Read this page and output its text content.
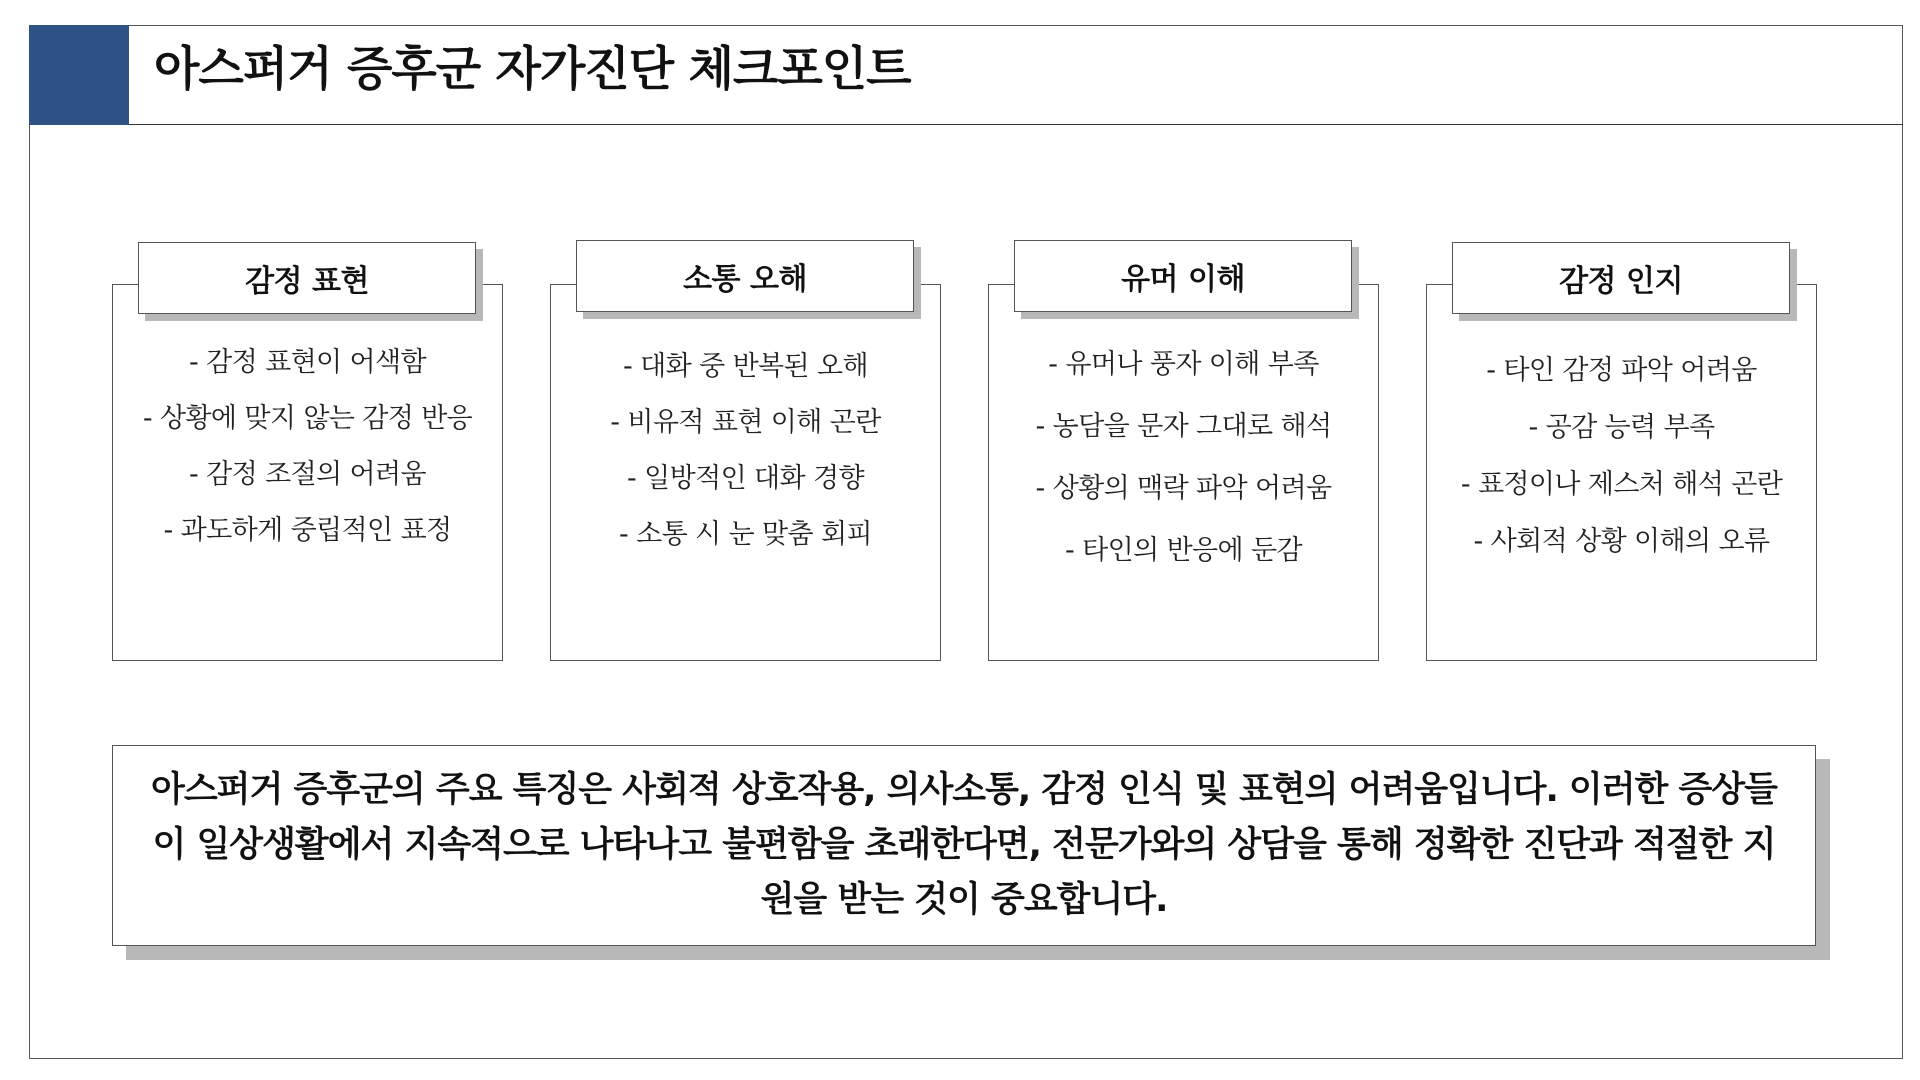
아스퍼거 증후군 자가진단 체크포인트
- 감정 표현이 어색함
- 상황에 맞지 않는 감정 반응
- 감정 조절의 어려움
- 과도하게 중립적인 표정
감정 표현
- 대화 중 반복된 오해
- 비유적 표현 이해 곤란
- 일방적인 대화 경향
- 소통 시 눈 맞춤 회피
소통 오해
- 유머나 풍자 이해 부족
- 농담을 문자 그대로 해석
- 상황의 맥락 파악 어려움
- 타인의 반응에 둔감
유머 이해
- 타인 감정 파악 어려움
- 공감 능력 부족
- 표정이나 제스처 해석 곤란
- 사회적 상황 이해의 오류
감정 인지

아스퍼거 증후군의 주요 특징은 사회적 상호작용, 의사소통, 감정 인식 및 표현의 어려움입니다. 이러한 증상들이 일상생활에서 지속적으로 나타나고 불편함을 초래한다면, 전문가와의 상담을 통해 정확한 진단과 적절한 지원을 받는 것이 중요합니다.
